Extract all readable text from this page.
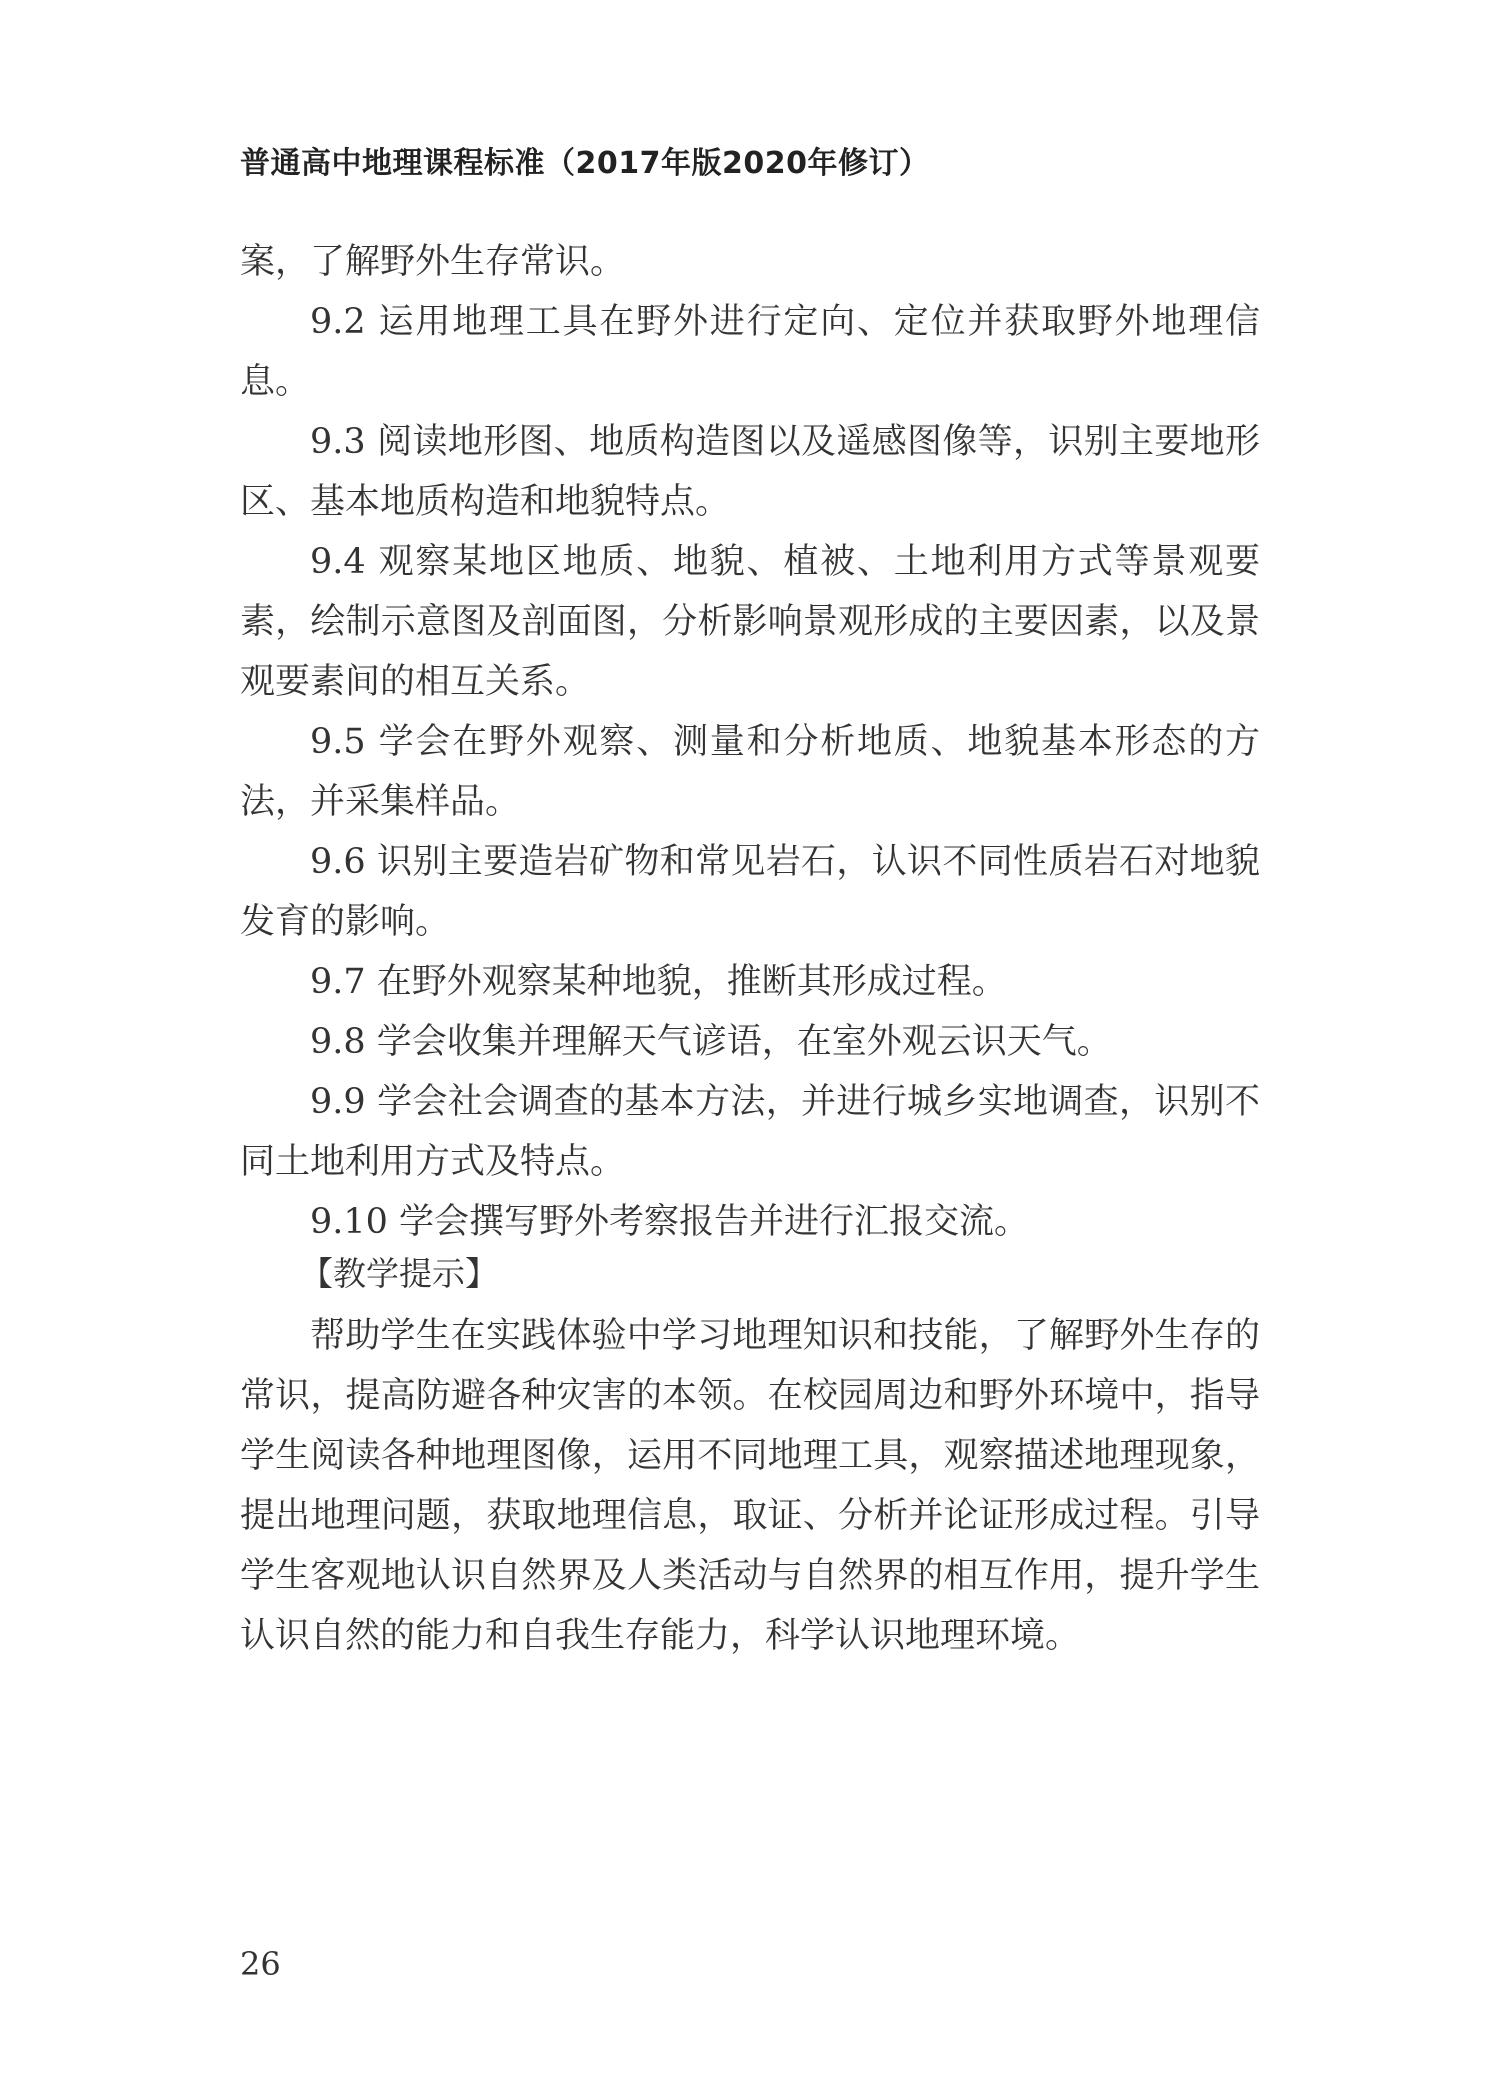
普通高中地理课程标准（2017年版2020年修订）

案，了解野外生存常识。

9.2 运用地理工具在野外进行定向、定位并获取野外地理信息。

9.3 阅读地形图、地质构造图以及遥感图像等，识别主要地形区、基本地质构造和地貌特点。

9.4 观察某地区地质、地貌、植被、土地利用方式等景观要素，绘制示意图及剖面图，分析影响景观形成的主要因素，以及景观要素间的相互关系。

9.5 学会在野外观察、测量和分析地质、地貌基本形态的方法，并采集样品。

9.6 识别主要造岩矿物和常见岩石，认识不同性质岩石对地貌发育的影响。

9.7 在野外观察某种地貌，推断其形成过程。

9.8 学会收集并理解天气谚语，在室外观云识天气。

9.9 学会社会调查的基本方法，并进行城乡实地调查，识别不同土地利用方式及特点。

9.10 学会撰写野外考察报告并进行汇报交流。

【教学提示】

帮助学生在实践体验中学习地理知识和技能，了解野外生存的常识，提高防避各种灾害的本领。在校园周边和野外环境中，指导学生阅读各种地理图像，运用不同地理工具，观察描述地理现象，提出地理问题，获取地理信息，取证、分析并论证形成过程。引导学生客观地认识自然界及人类活动与自然界的相互作用，提升学生认识自然的能力和自我生存能力，科学认识地理环境。

26
